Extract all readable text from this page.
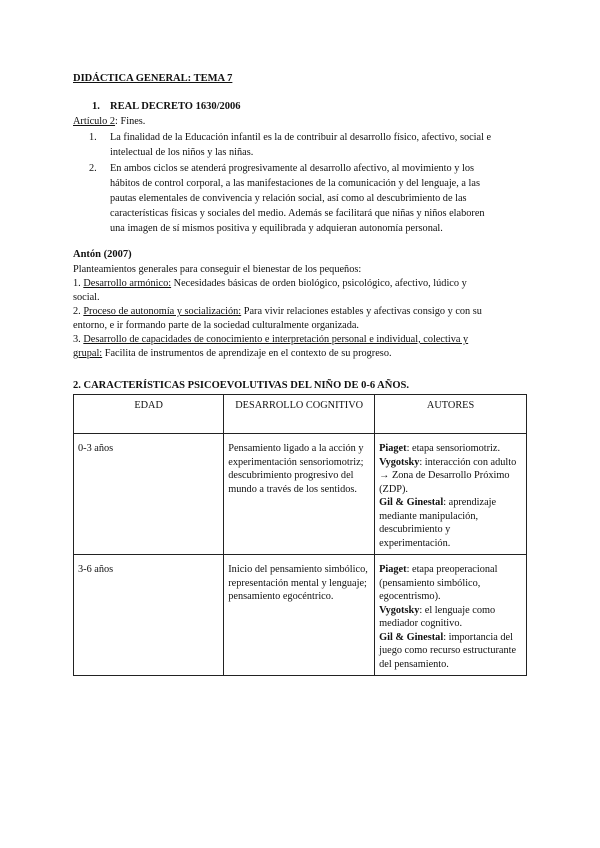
DIDÁCTICA GENERAL: TEMA 7
1. REAL DECRETO 1630/2006
Artículo 2: Fines.
1. La finalidad de la Educación infantil es la de contribuir al desarrollo físico, afectivo, social e
intelectual de los niños y las niñas.
2. En ambos ciclos se atenderá progresivamente al desarrollo afectivo, al movimiento y los
hábitos de control corporal, a las manifestaciones de la comunicación y del lenguaje, a las
pautas elementales de convivencia y relación social, así como al descubrimiento de las
características físicas y sociales del medio. Además se facilitará que niñas y niños elaboren
una imagen de sí mismos positiva y equilibrada y adquieran autonomía personal.
Antón (2007)
Planteamientos generales para conseguir el bienestar de los pequeños:
1. Desarrollo armónico: Necesidades básicas de orden biológico, psicológico, afectivo, lúdico y
social.
2. Proceso de autonomía y socialización: Para vivir relaciones estables y afectivas consigo y con su
entorno, e ir formando parte de la sociedad culturalmente organizada.
3. Desarrollo de capacidades de conocimiento e interpretación personal e individual, colectiva y
grupal: Facilita de instrumentos de aprendizaje en el contexto de su progreso.
2. CARACTERÍSTICAS PSICOEVOLUTIVAS DEL NIÑO DE 0-6 AÑOS.
EDAD	DESARROLLO COGNITIVO	AUTORES
0-3 años	Pensamiento ligado a la acción y experimentación sensoriomotriz; descubrimiento progresivo del mundo a través de los sentidos.	Piaget: etapa sensoriomotriz.
Vygotsky: interacción con adulto → Zona de Desarrollo Próximo (ZDP).
Gil & Ginestal: aprendizaje mediante manipulación, descubrimiento y experimentación.
3-6 años	Inicio del pensamiento simbólico, representación mental y lenguaje; pensamiento egocéntrico.	Piaget: etapa preoperacional (pensamiento simbólico, egocentrismo).
Vygotsky: el lenguaje como mediador cognitivo.
Gil & Ginestal: importancia del juego como recurso estructurante del pensamiento.
